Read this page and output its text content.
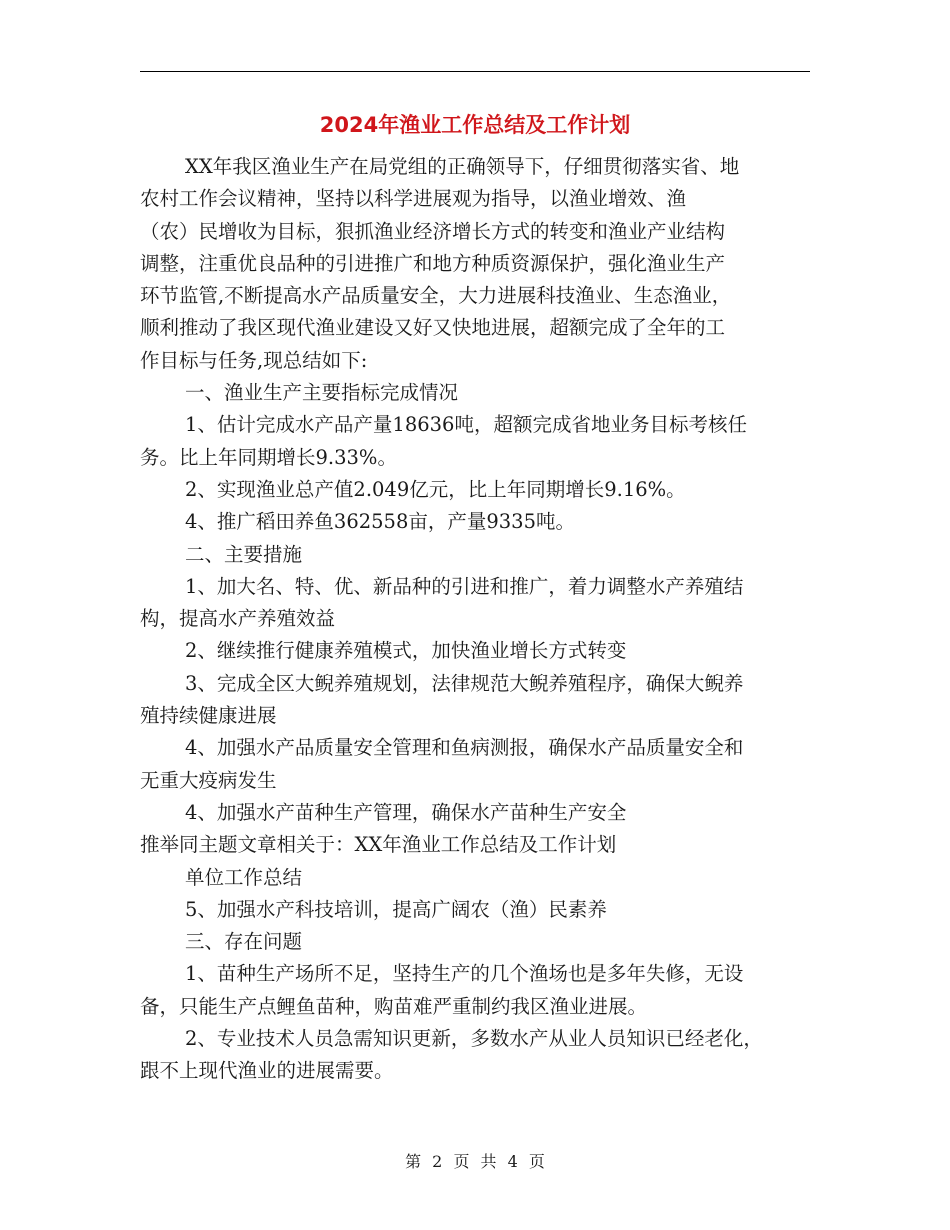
2024年渔业工作总结及工作计划
XX年我区渔业生产在局党组的正确领导下，仔细贯彻落实省、地
农村工作会议精神，坚持以科学进展观为指导，以渔业增效、渔
（农）民增收为目标，狠抓渔业经济增长方式的转变和渔业产业结构
调整，注重优良品种的引进推广和地方种质资源保护，强化渔业生产
环节监管,不断提高水产品质量安全，大力进展科技渔业、生态渔业，
顺利推动了我区现代渔业建设又好又快地进展，超额完成了全年的工
作目标与任务,现总结如下:
一、渔业生产主要指标完成情况
1、估计完成水产品产量18636吨，超额完成省地业务目标考核任
务。比上年同期增长9.33%。
2、实现渔业总产值2.049亿元，比上年同期增长9.16%。
4、推广稻田养鱼362558亩，产量9335吨。
二、主要措施
1、加大名、特、优、新品种的引进和推广，着力调整水产养殖结
构，提高水产养殖效益
2、继续推行健康养殖模式，加快渔业增长方式转变
3、完成全区大鲵养殖规划，法律规范大鲵养殖程序，确保大鲵养
殖持续健康进展
4、加强水产品质量安全管理和鱼病测报，确保水产品质量安全和
无重大疫病发生
4、加强水产苗种生产管理，确保水产苗种生产安全
推举同主题文章相关于：XX年渔业工作总结及工作计划
单位工作总结
5、加强水产科技培训，提高广阔农（渔）民素养
三、存在问题
1、苗种生产场所不足，坚持生产的几个渔场也是多年失修，无设
备，只能生产点鲤鱼苗种，购苗难严重制约我区渔业进展。
2、专业技术人员急需知识更新，多数水产从业人员知识已经老化，
跟不上现代渔业的进展需要。
第 2 页 共 4 页
